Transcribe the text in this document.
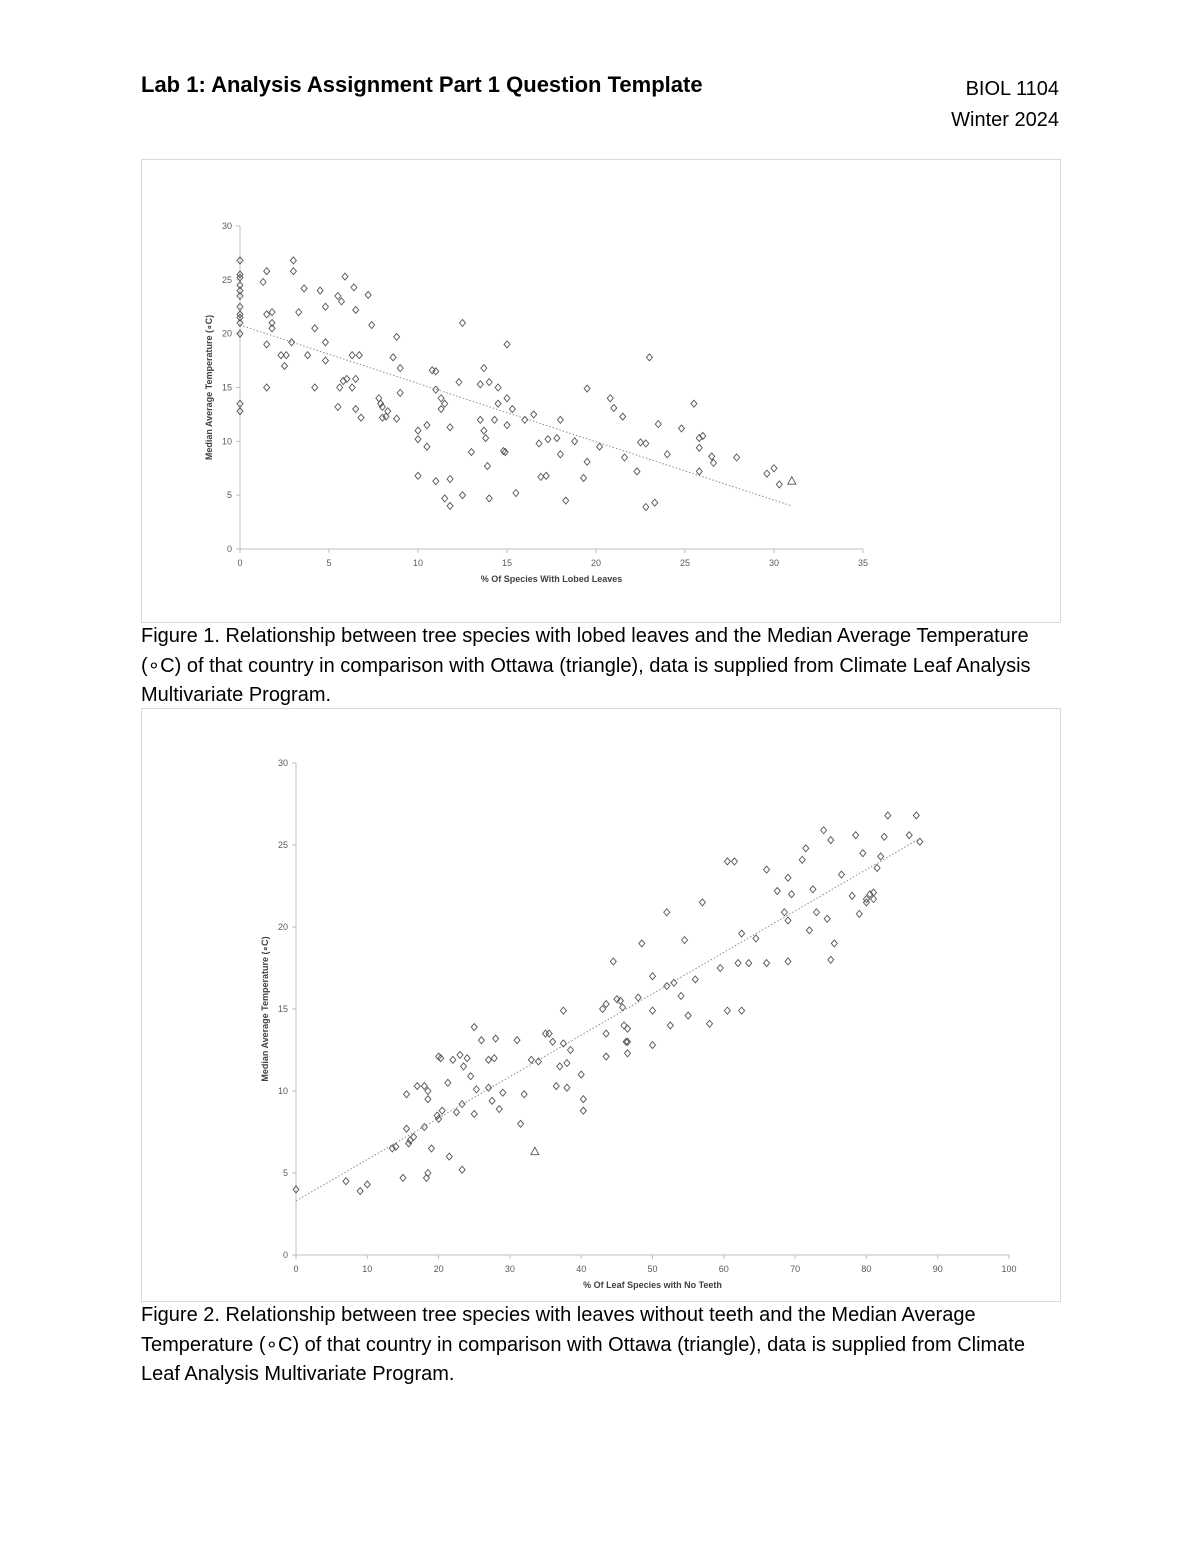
Lab 1: Analysis Assignment Part 1 Question Template	BIOL 1104
Winter 2024
0
5
10
15
20
25
30
0	5	10	15	20	25	30	35
% Of Species With Lobed Leaves
Median Average Temperature (∘C)
Figure 1. Relationship between tree species with lobed leaves and the Median Average Temperature (∘C) of that country in comparison with Ottawa (triangle), data is supplied from Climate Leaf Analysis Multivariate Program.
0
5
10
15
20
25
30
0	10	20	30	40	50	60	70	80	90	100
% Of Leaf Species with No Teeth
Median Average Temperature (∘C)
Figure 2. Relationship between tree species with leaves without teeth and the Median Average Temperature (∘C) of that country in comparison with Ottawa (triangle), data is supplied from Climate Leaf Analysis Multivariate Program.
